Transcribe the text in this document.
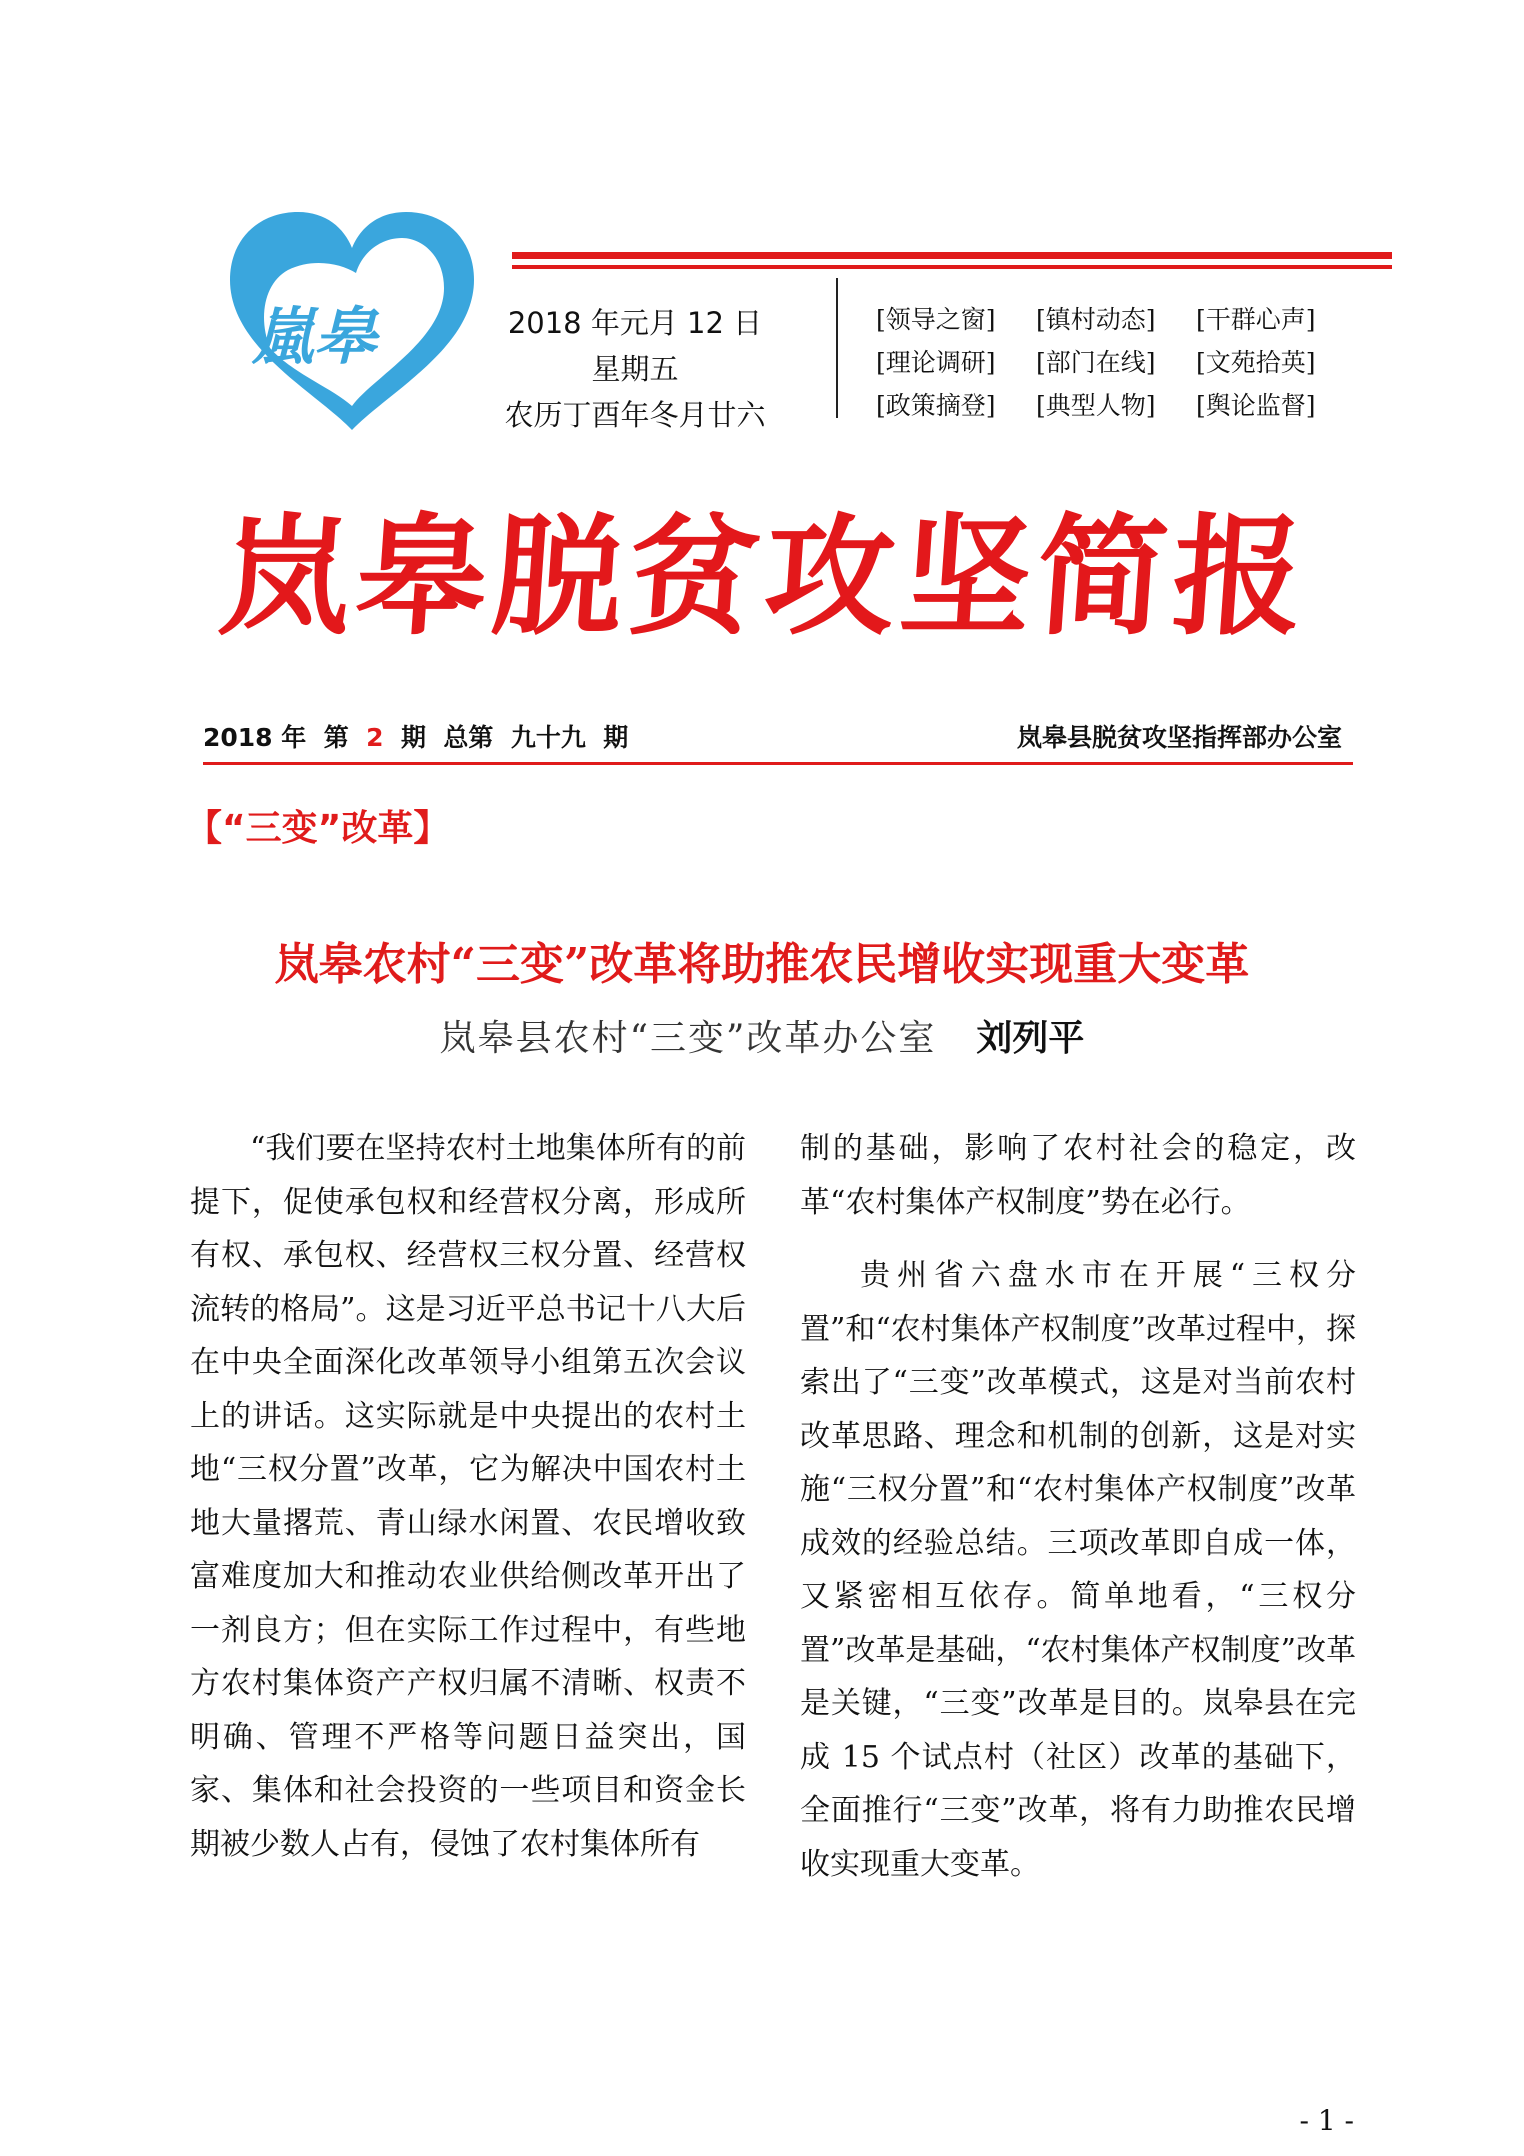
嵐皋	2018 年元月 12 日
星期五
农历丁酉年冬月廿六
[领导之窗]	[镇村动态]	[干群心声]
[理论调研]	[部门在线]	[文苑拾英]
[政策摘登]	[典型人物]	[舆论监督]
岚皋脱贫攻坚简报
2018 年 第 2 期 总第 九十九 期	岚皋县脱贫攻坚指挥部办公室
【“三变”改革】
岚皋农村“三变”改革将助推农民增收实现重大变革
岚皋县农村“三变”改革办公室 刘列平

“我们要在坚持农村土地集体所有的前提下，促使承包权和经营权分离，形成所有权、承包权、经营权三权分置、经营权流转的格局”。这是习近平总书记十八大后在中央全面深化改革领导小组第五次会议上的讲话。这实际就是中央提出的农村土地“三权分置”改革，它为解决中国农村土地大量撂荒、青山绿水闲置、农民增收致富难度加大和推动农业供给侧改革开出了一剂良方；但在实际工作过程中，有些地方农村集体资产产权归属不清晰、权责不明确、管理不严格等问题日益突出，国家、集体和社会投资的一些项目和资金长期被少数人占有，侵蚀了农村集体所有

制的基础，影响了农村社会的稳定，改革“农村集体产权制度”势在必行。

贵州省六盘水市在开展“三权分置”和“农村集体产权制度”改革过程中，探索出了“三变”改革模式，这是对当前农村改革思路、理念和机制的创新，这是对实施“三权分置”和“农村集体产权制度”改革成效的经验总结。三项改革即自成一体，又紧密相互依存。简单地看，“三权分置”改革是基础，“农村集体产权制度”改革是关键，“三变”改革是目的。岚皋县在完成 15 个试点村（社区）改革的基础下，全面推行“三变”改革，将有力助推农民增收实现重大变革。

- 1 -
